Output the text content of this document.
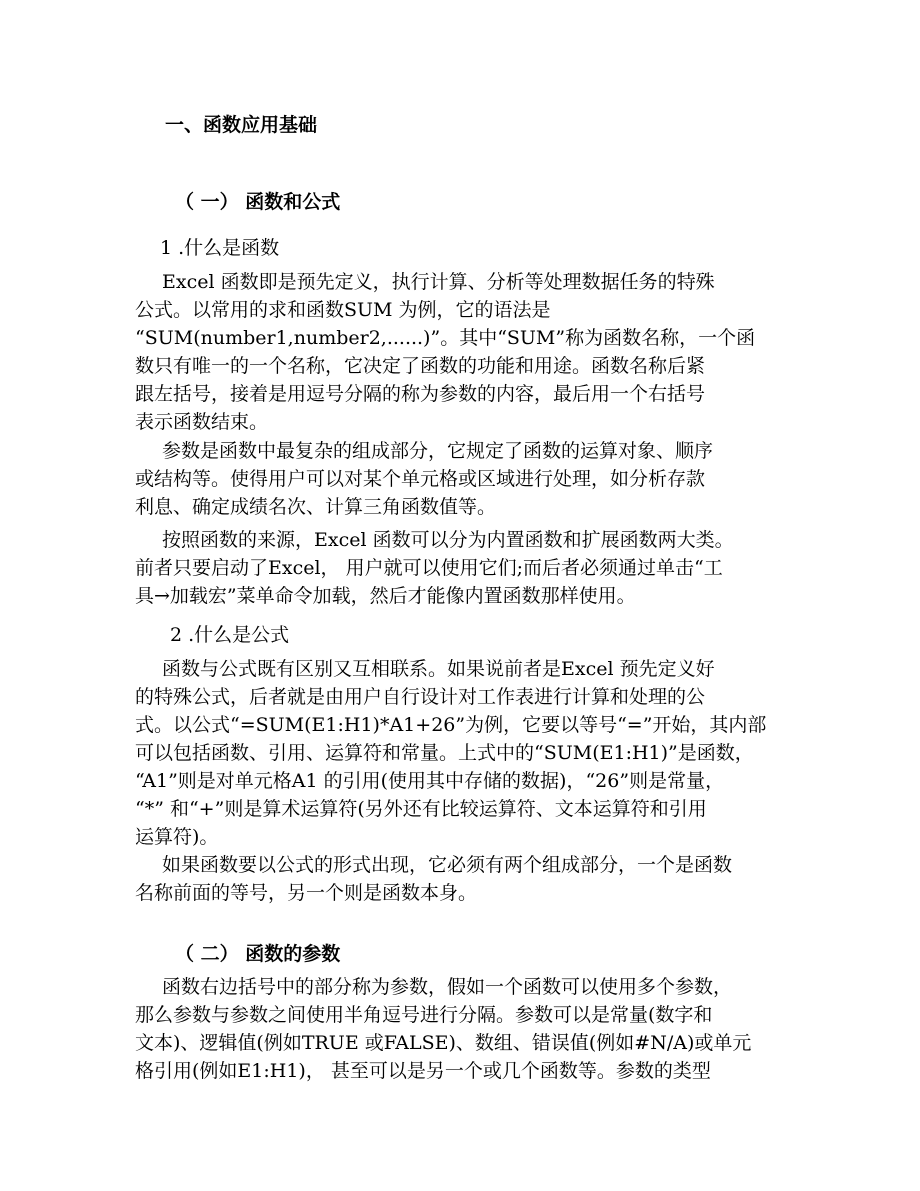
一、函数应用基础
（ 一） 函数和公式
1 .什么是函数
Excel 函数即是预先定义，执行计算、分析等处理数据任务的特殊
公式。以常用的求和函数SUM 为例，它的语法是
“SUM(number1,number2,......)”。其中“SUM”称为函数名称，一个函
数只有唯一的一个名称，它决定了函数的功能和用途。函数名称后紧
跟左括号，接着是用逗号分隔的称为参数的内容，最后用一个右括号
表示函数结束。
参数是函数中最复杂的组成部分，它规定了函数的运算对象、顺序
或结构等。使得用户可以对某个单元格或区域进行处理，如分析存款
利息、确定成绩名次、计算三角函数值等。
按照函数的来源，Excel 函数可以分为内置函数和扩展函数两大类。
前者只要启动了Excel， 用户就可以使用它们;而后者必须通过单击“工
具→加载宏”菜单命令加载，然后才能像内置函数那样使用。
2 .什么是公式
函数与公式既有区别又互相联系。如果说前者是Excel 预先定义好
的特殊公式，后者就是由用户自行设计对工作表进行计算和处理的公
式。以公式“=SUM(E1:H1)*A1+26”为例，它要以等号“=”开始，其内部
可以包括函数、引用、运算符和常量。上式中的“SUM(E1:H1)”是函数，
“A1”则是对单元格A1 的引用(使用其中存储的数据)，“26”则是常量，
“*” 和“+”则是算术运算符(另外还有比较运算符、文本运算符和引用
运算符)。
如果函数要以公式的形式出现，它必须有两个组成部分，一个是函数
名称前面的等号，另一个则是函数本身。
（ 二） 函数的参数
函数右边括号中的部分称为参数，假如一个函数可以使用多个参数，
那么参数与参数之间使用半角逗号进行分隔。参数可以是常量(数字和
文本)、逻辑值(例如TRUE 或FALSE)、数组、错误值(例如#N/A)或单元
格引用(例如E1:H1)， 甚至可以是另一个或几个函数等。参数的类型
